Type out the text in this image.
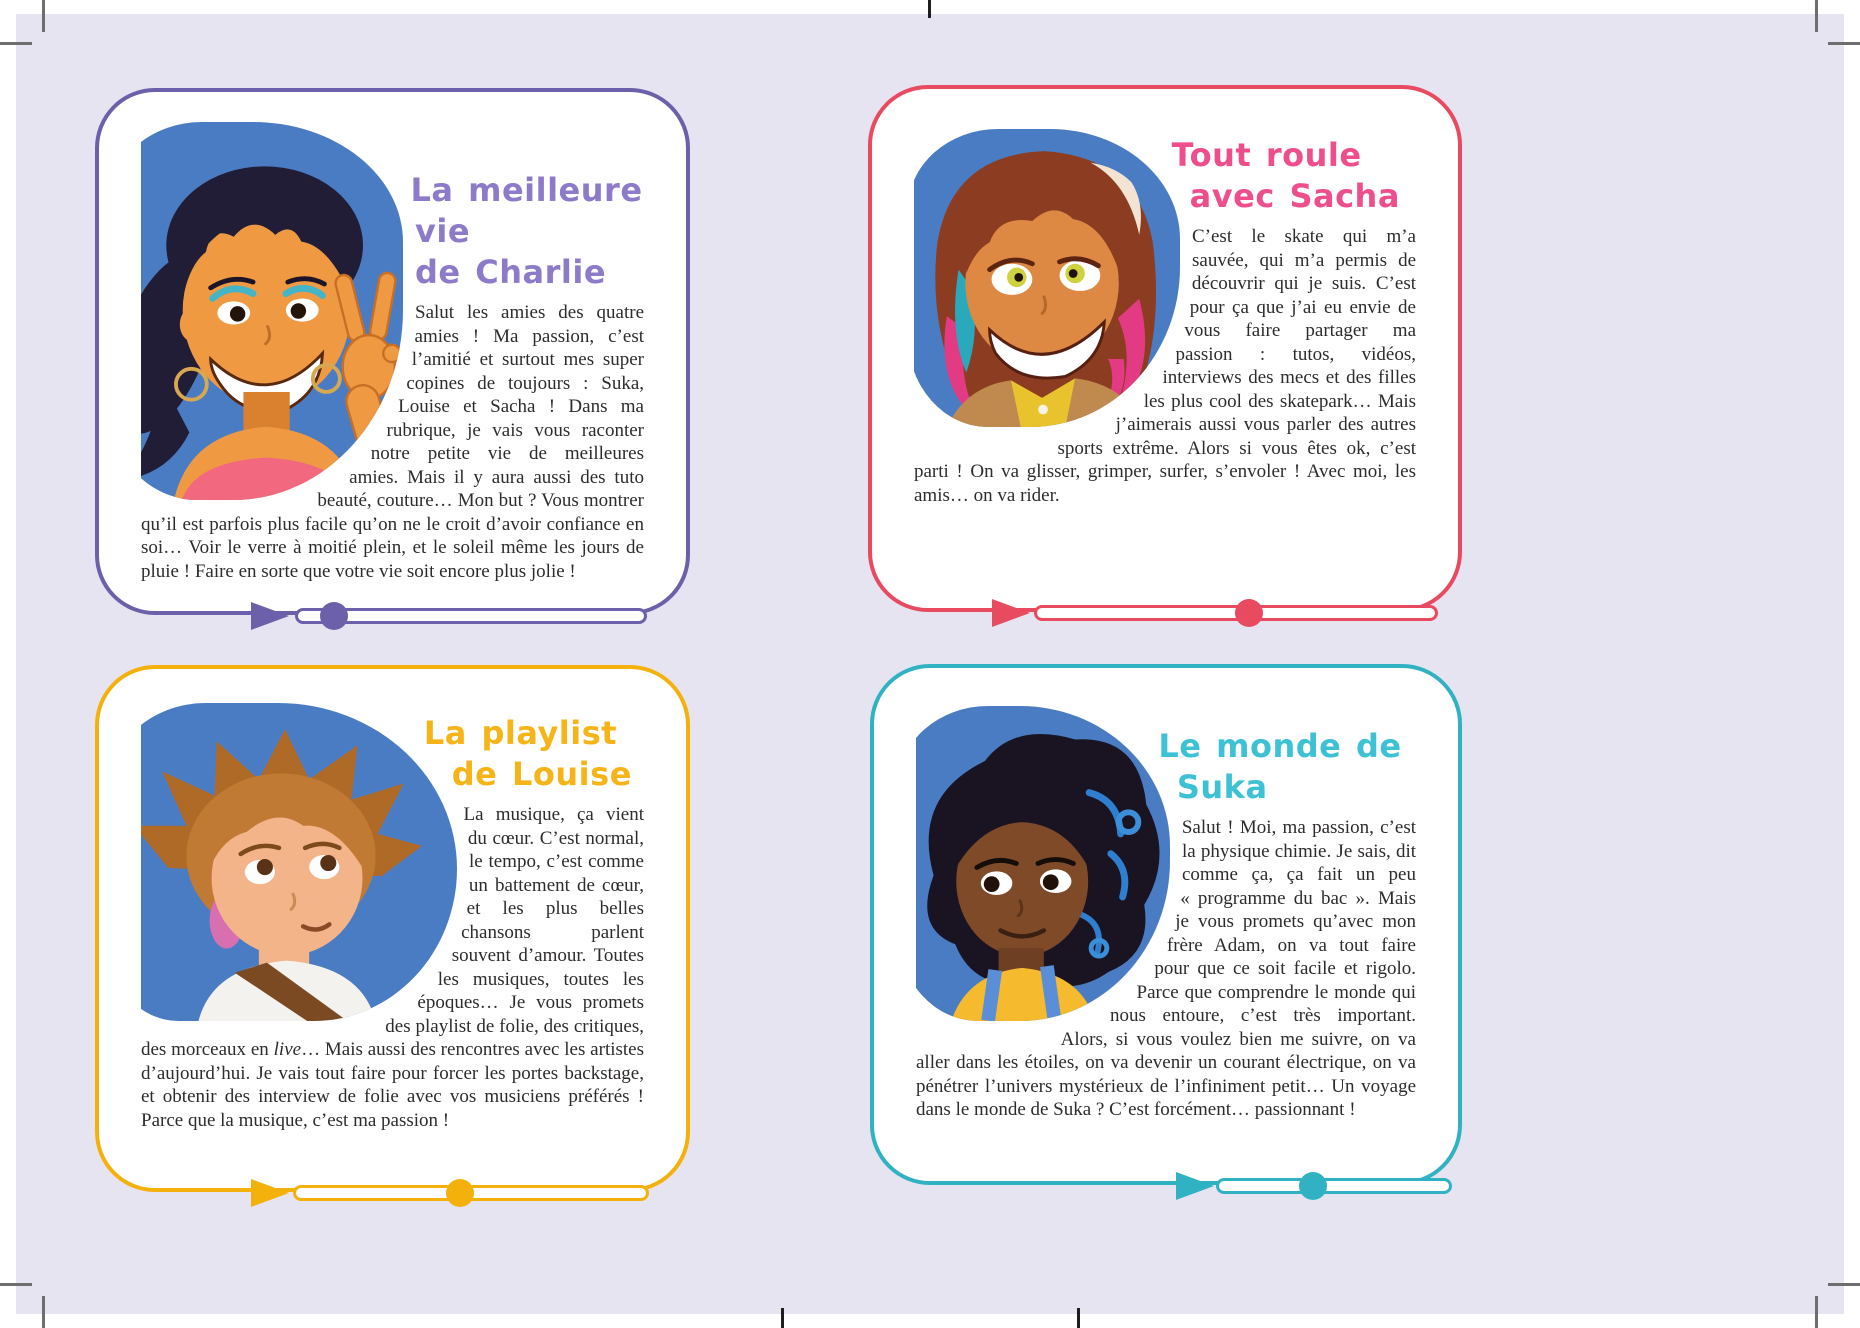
La meilleure vie
de Charlie

Salut les amies des quatre amies ! Ma passion, c’est l’amitié et surtout mes super copines de toujours : Suka, Louise et Sacha ! Dans ma rubrique, je vais vous raconter notre petite vie de meilleures amies. Mais il y aura aussi des tuto beauté, couture… Mon but ? Vous montrer qu’il est parfois plus facile qu’on ne le croit d’avoir confiance en soi… Voir le verre à moitié plein, et le soleil même les jours de pluie ! Faire en sorte que votre vie soit encore plus jolie !

Tout roule
avec Sacha

C’est le skate qui m’a sauvée, qui m’a permis de découvrir qui je suis. C’est pour ça que j’ai eu envie de vous faire partager ma passion : tutos, vidéos, interviews des mecs et des filles les plus cool des skatepark… Mais j’aimerais aussi vous parler des autres sports extrême. Alors si vous êtes ok, c’est parti ! On va glisser, grimper, surfer, s’envoler ! Avec moi, les amis… on va rider.

La playlist
de Louise

La musique, ça vient du cœur. C’est normal, le tempo, c’est comme un battement de cœur, et les plus belles chansons parlent souvent d’amour. Toutes les musiques, toutes les époques… Je vous promets des playlist de folie, des critiques, des morceaux en live… Mais aussi des rencontres avec les artistes d’aujourd’hui. Je vais tout faire pour forcer les portes backstage, et obtenir des interview de folie avec vos musiciens préférés ! Parce que la musique, c’est ma passion !

Le monde de Suka

Salut ! Moi, ma passion, c’est la physique chimie. Je sais, dit comme ça, ça fait un peu « programme du bac ». Mais je vous promets qu’avec mon frère Adam, on va tout faire pour que ce soit facile et rigolo. Parce que comprendre le monde qui nous entoure, c’est très important. Alors, si vous voulez bien me suivre, on va aller dans les étoiles, on va devenir un courant électrique, on va pénétrer l’univers mystérieux de l’infiniment petit… Un voyage dans le monde de Suka ? C’est forcément… passionnant !
